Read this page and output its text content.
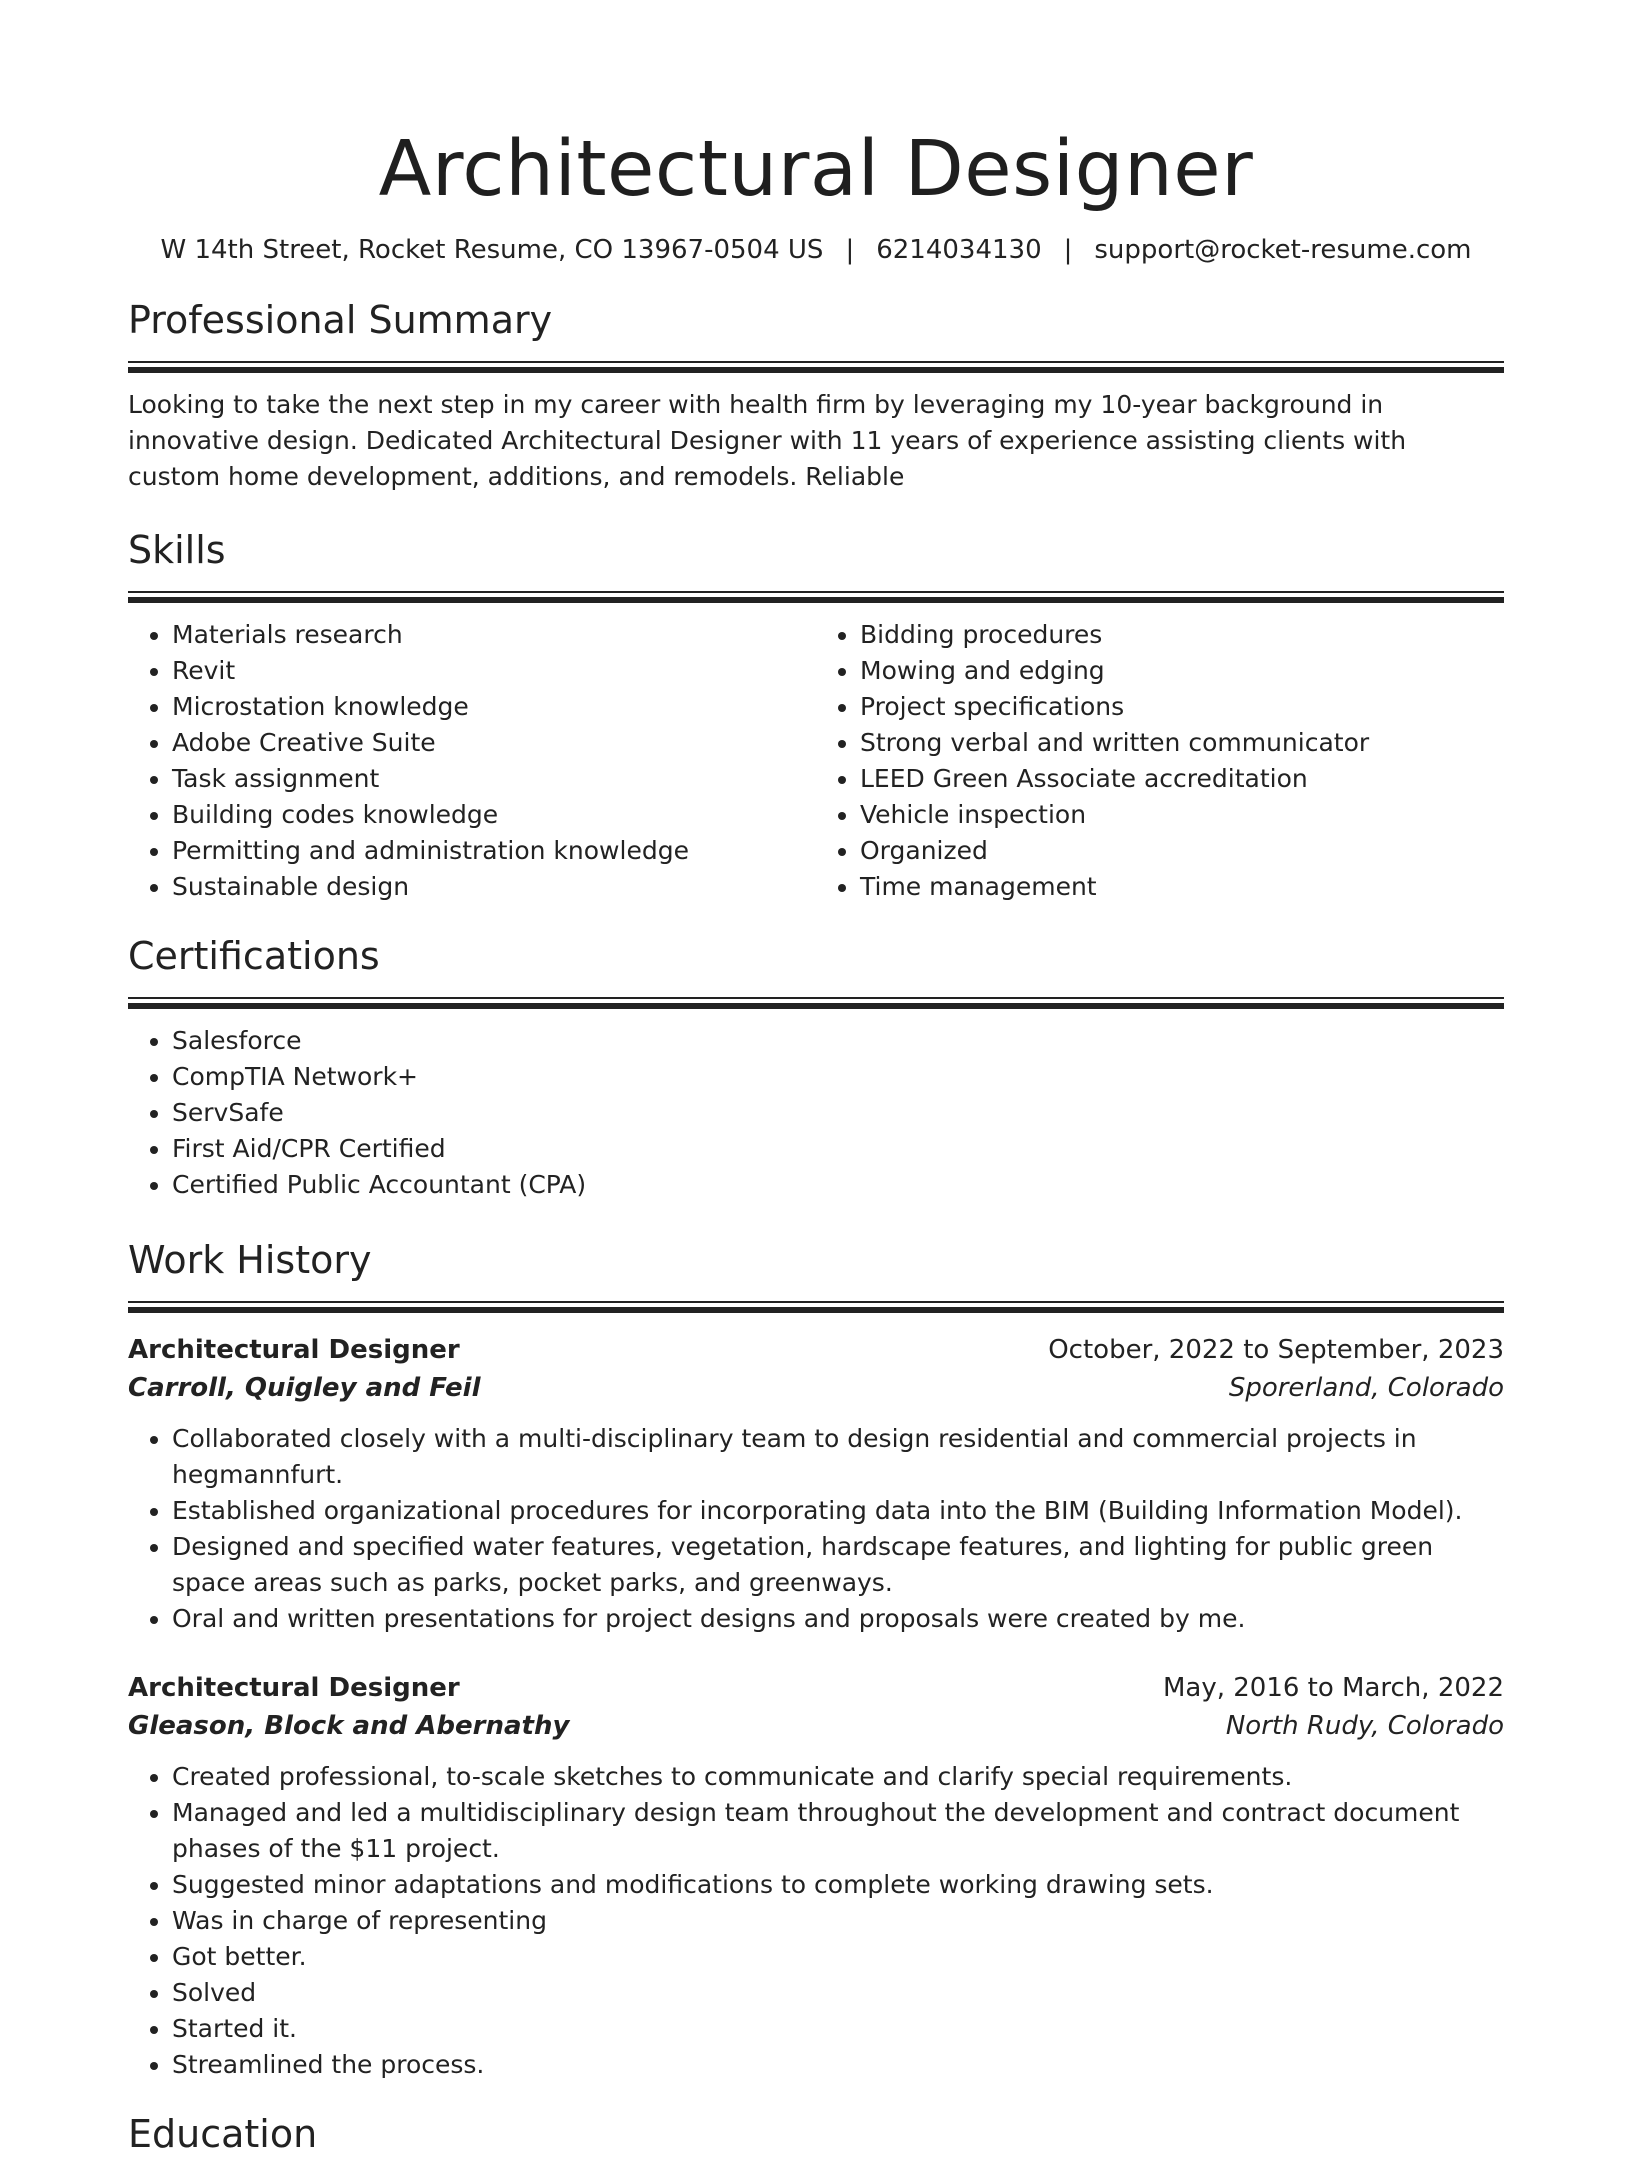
Architectural Designer
W 14th Street, Rocket Resume, CO 13967-0504 US | 6214034130 | support@rocket-resume.com
Professional Summary
Looking to take the next step in my career with health firm by leveraging my 10-year background in innovative design. Dedicated Architectural Designer with 11 years of experience assisting clients with custom home development, additions, and remodels. Reliable
Skills
• Materials research
• Revit
• Microstation knowledge
• Adobe Creative Suite
• Task assignment
• Building codes knowledge
• Permitting and administration knowledge
• Sustainable design
• Bidding procedures
• Mowing and edging
• Project specifications
• Strong verbal and written communicator
• LEED Green Associate accreditation
• Vehicle inspection
• Organized
• Time management
Certifications
• Salesforce
• CompTIA Network+
• ServSafe
• First Aid/CPR Certified
• Certified Public Accountant (CPA)
Work History
Architectural Designer	October, 2022 to September, 2023
Carroll, Quigley and Feil	Sporerland, Colorado
• Collaborated closely with a multi-disciplinary team to design residential and commercial projects in hegmannfurt.
• Established organizational procedures for incorporating data into the BIM (Building Information Model).
• Designed and specified water features, vegetation, hardscape features, and lighting for public green space areas such as parks, pocket parks, and greenways.
• Oral and written presentations for project designs and proposals were created by me.
Architectural Designer	May, 2016 to March, 2022
Gleason, Block and Abernathy	North Rudy, Colorado
• Created professional, to-scale sketches to communicate and clarify special requirements.
• Managed and led a multidisciplinary design team throughout the development and contract document phases of the $11 project.
• Suggested minor adaptations and modifications to complete working drawing sets.
• Was in charge of representing
• Got better.
• Solved
• Started it.
• Streamlined the process.
Education
